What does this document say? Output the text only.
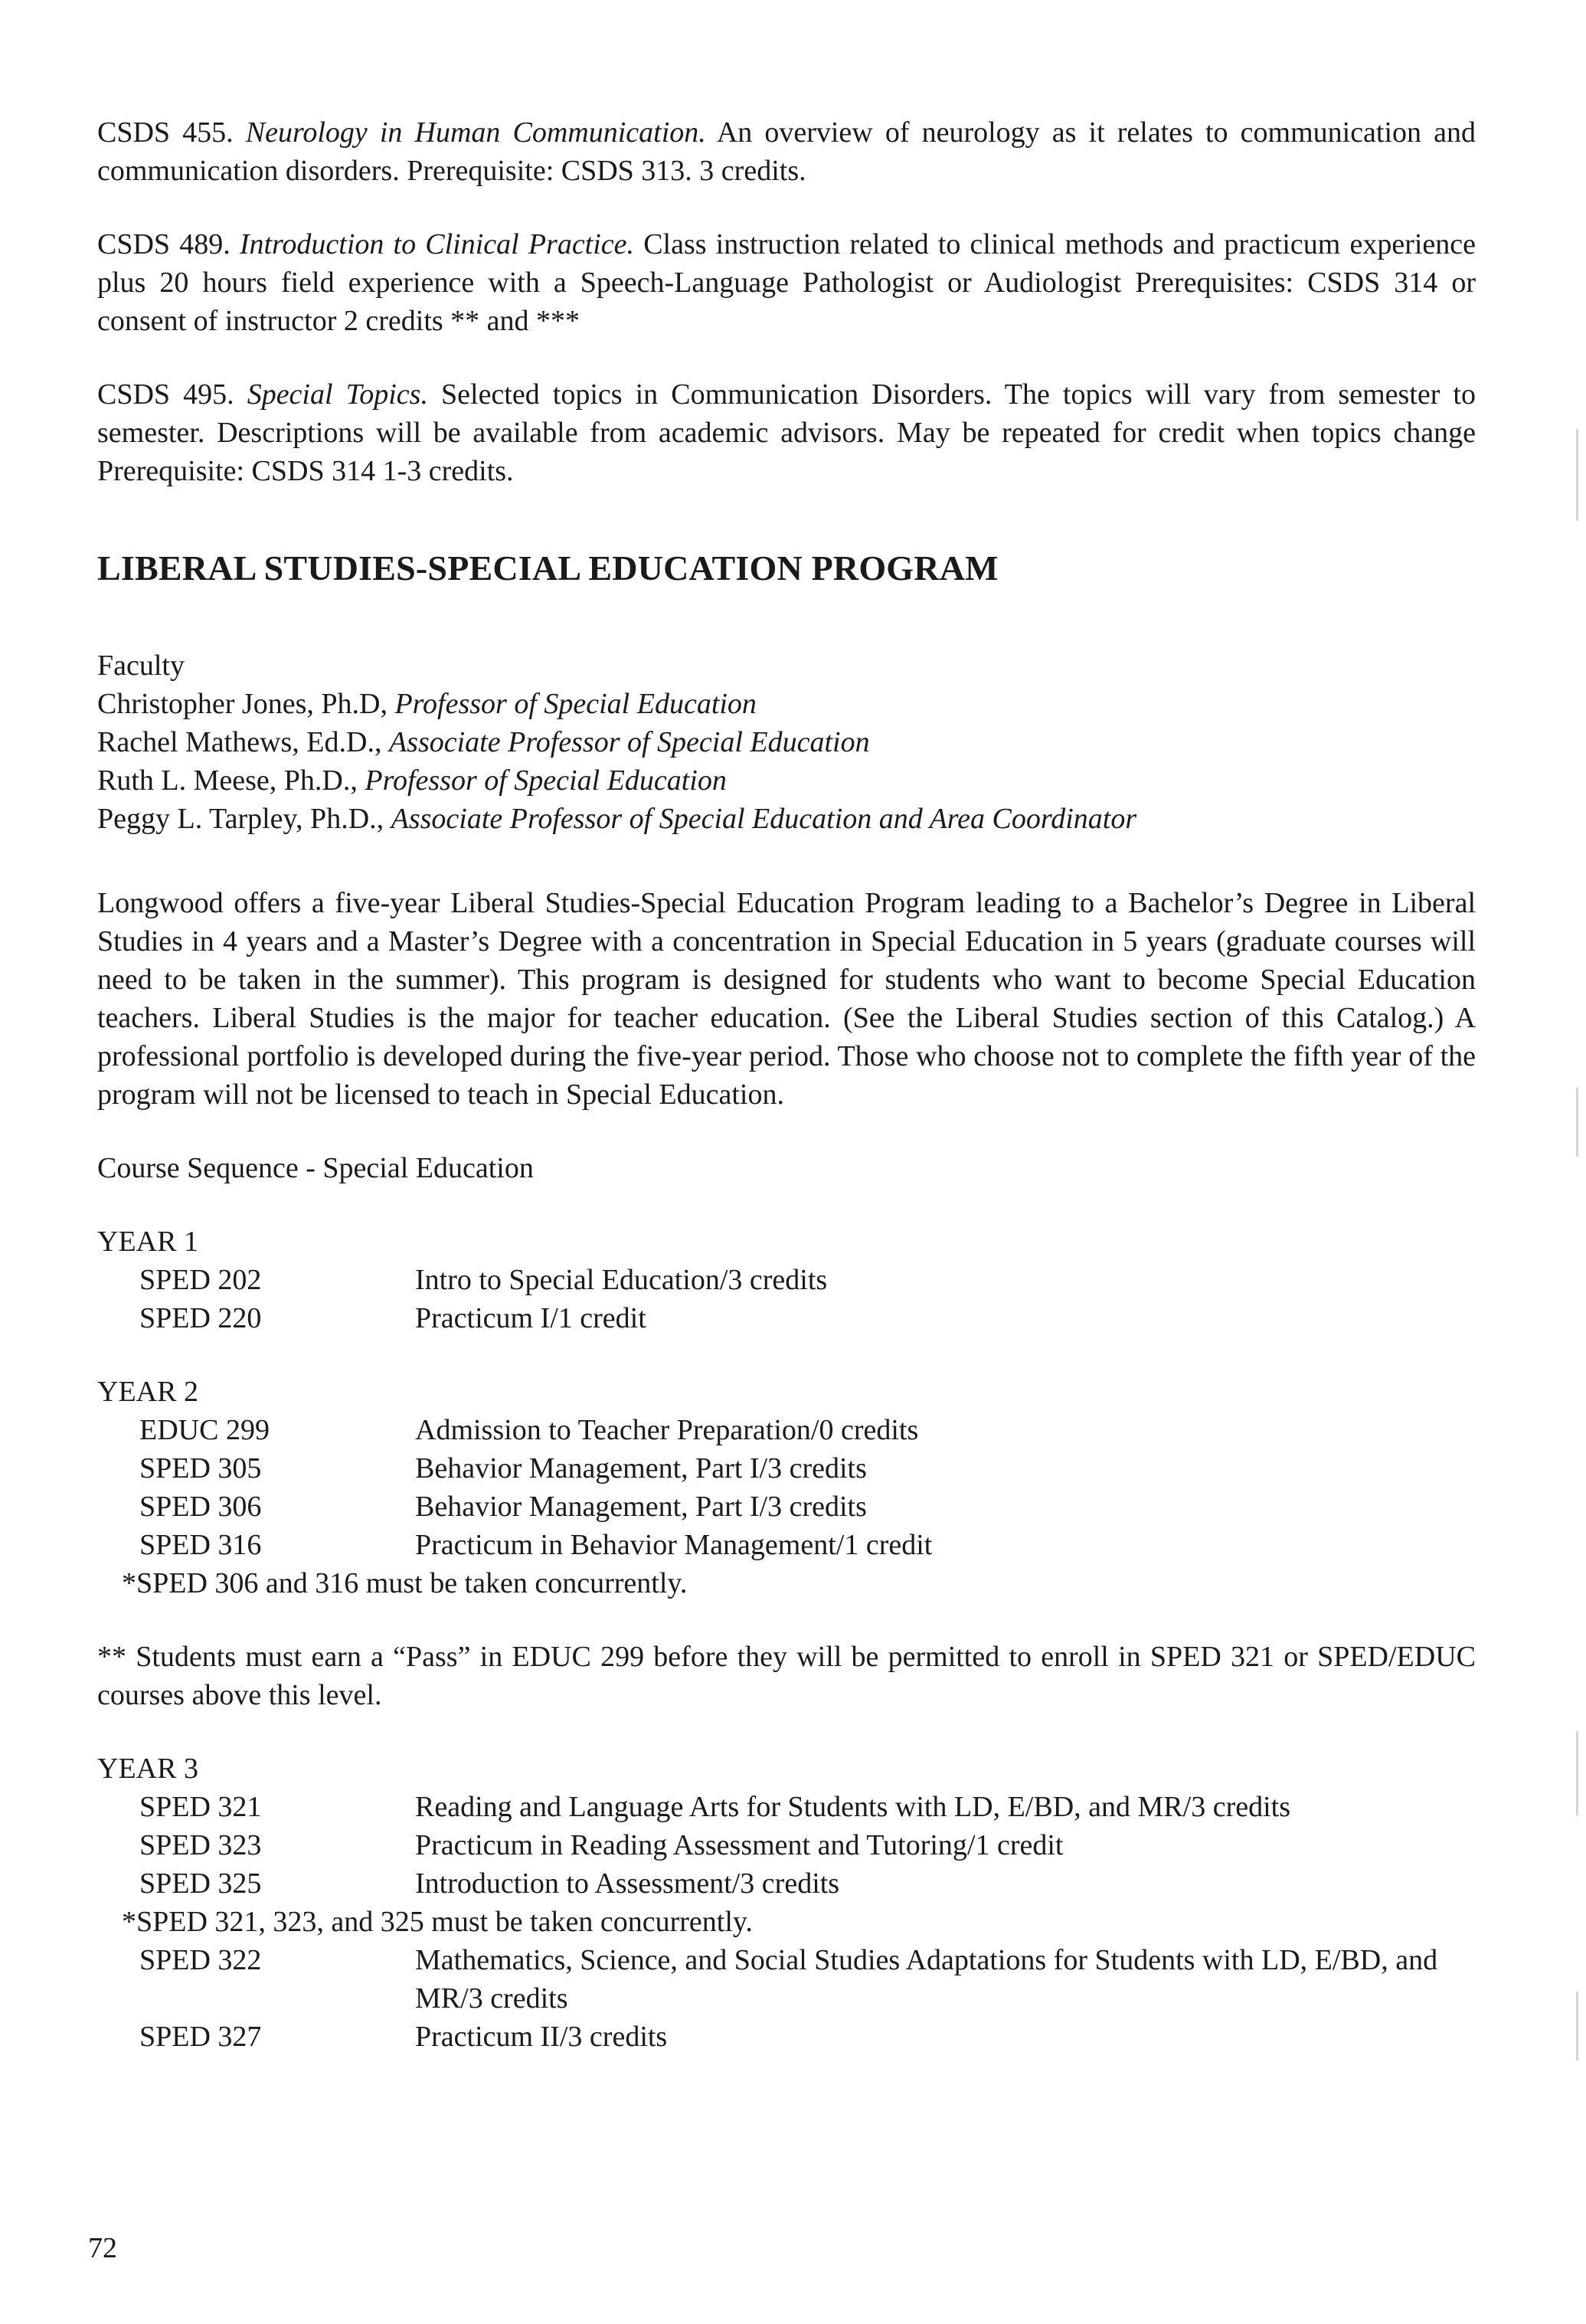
CSDS 455. Neurology in Human Communication. An overview of neurology as it relates to communication and communication disorders. Prerequisite: CSDS 313. 3 credits.

CSDS 489. Introduction to Clinical Practice. Class instruction related to clinical methods and practicum experience plus 20 hours field experience with a Speech-Language Pathologist or Audiologist Prerequisites: CSDS 314 or consent of instructor 2 credits ** and ***

CSDS 495. Special Topics. Selected topics in Communication Disorders. The topics will vary from semester to semester. Descriptions will be available from academic advisors. May be repeated for credit when topics change Prerequisite: CSDS 314 1-3 credits.

LIBERAL STUDIES-SPECIAL EDUCATION PROGRAM

Faculty

Christopher Jones, Ph.D, Professor of Special Education

Rachel Mathews, Ed.D., Associate Professor of Special Education

Ruth L. Meese, Ph.D., Professor of Special Education

Peggy L. Tarpley, Ph.D., Associate Professor of Special Education and Area Coordinator

Longwood offers a five-year Liberal Studies-Special Education Program leading to a Bachelor’s Degree in Liberal Studies in 4 years and a Master’s Degree with a concentration in Special Education in 5 years (graduate courses will need to be taken in the summer). This program is designed for students who want to become Special Education teachers. Liberal Studies is the major for teacher education. (See the Liberal Studies section of this Catalog.) A professional portfolio is developed during the five-year period. Those who choose not to complete the fifth year of the program will not be licensed to teach in Special Education.

Course Sequence - Special Education

YEAR 1

SPED 202	Intro to Special Education/3 credits
SPED 220	Practicum I/1 credit

YEAR 2

EDUC 299	Admission to Teacher Preparation/0 credits
SPED 305	Behavior Management, Part I/3 credits
SPED 306	Behavior Management, Part I/3 credits
SPED 316	Practicum in Behavior Management/1 credit

*SPED 306 and 316 must be taken concurrently.

** Students must earn a “Pass” in EDUC 299 before they will be permitted to enroll in SPED 321 or SPED/EDUC courses above this level.

YEAR 3

SPED 321	Reading and Language Arts for Students with LD, E/BD, and MR/3 credits
SPED 323	Practicum in Reading Assessment and Tutoring/1 credit
SPED 325	Introduction to Assessment/3 credits

*SPED 321, 323, and 325 must be taken concurrently.

SPED 322	Mathematics, Science, and Social Studies Adaptations for Students with LD, E/BD, and MR/3 credits
SPED 327	Practicum II/3 credits
72
